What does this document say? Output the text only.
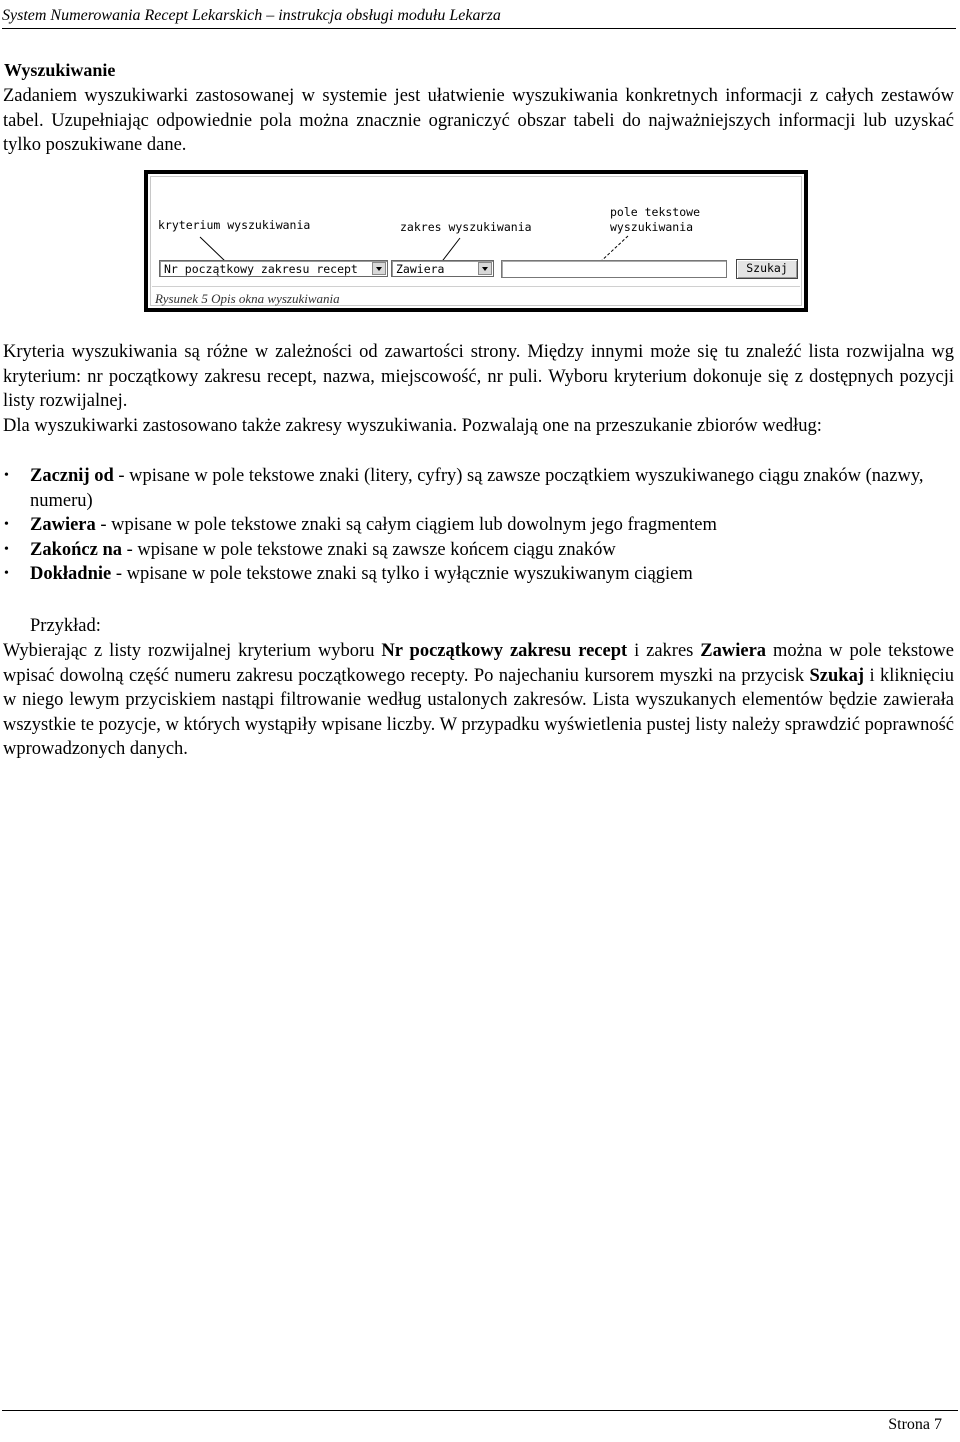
System Numerowania Recept Lekarskich – instrukcja obsługi modułu Lekarza
Wyszukiwanie
Zadaniem wyszukiwarki zastosowanej w systemie jest ułatwienie wyszukiwania konkretnych informacji z całych zestawów tabel. Uzupełniając odpowiednie pola można znacznie ograniczyć obszar tabeli do najważniejszych informacji lub uzyskać tylko poszukiwane dane.
kryterium wyszukiwania	zakres wyszukiwania
pole tekstowe
wyszukiwania
Nr początkowy zakresu recept	Zawiera	Szukaj
Rysunek 5 Opis okna wyszukiwania
Kryteria wyszukiwania są różne w zależności od zawartości strony. Między innymi może się tu znaleźć lista rozwijalna wg kryterium: nr początkowy zakresu recept, nazwa, miejscowość, nr puli. Wyboru kryterium dokonuje się z dostępnych pozycji listy rozwijalnej.
Dla wyszukiwarki zastosowano także zakresy wyszukiwania. Pozwalają one na przeszukanie zbiorów według:
• Zacznij od - wpisane w pole tekstowe znaki (litery, cyfry) są zawsze początkiem wyszukiwanego ciągu znaków (nazwy, numeru)
• Zawiera - wpisane w pole tekstowe znaki są całym ciągiem lub dowolnym jego fragmentem
• Zakończ na - wpisane w pole tekstowe znaki są zawsze końcem ciągu znaków
• Dokładnie - wpisane w pole tekstowe znaki są tylko i wyłącznie wyszukiwanym ciągiem
Przykład:
Wybierając z listy rozwijalnej kryterium wyboru Nr początkowy zakresu recept i zakres Zawiera można w pole tekstowe wpisać dowolną część numeru zakresu początkowego recepty. Po najechaniu kursorem myszki na przycisk Szukaj i kliknięciu w niego lewym przyciskiem nastąpi filtrowanie według ustalonych zakresów. Lista wyszukanych elementów będzie zawierała wszystkie te pozycje, w których wystąpiły wpisane liczby. W przypadku wyświetlenia pustej listy należy sprawdzić poprawność wprowadzonych danych.
Strona 7
